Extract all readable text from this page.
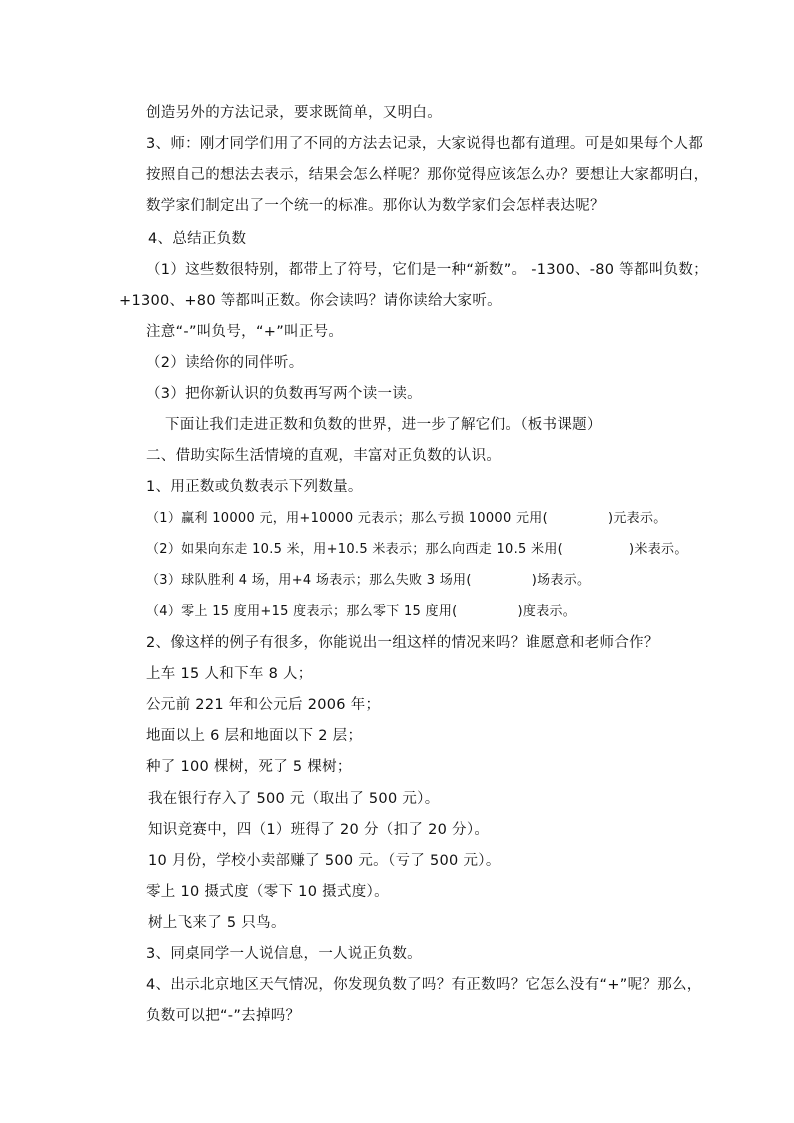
创造另外的方法记录，要求既简单，又明白。
3、师：刚才同学们用了不同的方法去记录，大家说得也都有道理。可是如果每个人都
按照自己的想法去表示，结果会怎么样呢？那你觉得应该怎么办？要想让大家都明白，
数学家们制定出了一个统一的标准。那你认为数学家们会怎样表达呢？
4、总结正负数
（1）这些数很特别，都带上了符号，它们是一种“新数”。 -1300、-80 等都叫负数；
+1300、+80 等都叫正数。你会读吗？请你读给大家听。
注意“-”叫负号，“+”叫正号。
（2）读给你的同伴听。
（3）把你新认识的负数再写两个读一读。
下面让我们走进正数和负数的世界，进一步了解它们。（板书课题）
二、借助实际生活情境的直观，丰富对正负数的认识。
1、用正数或负数表示下列数量。
（1）赢利 10000 元，用+10000 元表示；那么亏损 10000 元用(	)元表示。
（2）如果向东走 10.5 米，用+10.5 米表示；那么向西走 10.5 米用(	)米表示。
（3）球队胜利 4 场，用+4 场表示；那么失败 3 场用(	)场表示。
（4）零上 15 度用+15 度表示；那么零下 15 度用(	)度表示。
2、像这样的例子有很多，你能说出一组这样的情况来吗？谁愿意和老师合作？
上车 15 人和下车 8 人；
公元前 221 年和公元后 2006 年；
地面以上 6 层和地面以下 2 层；
种了 100 棵树，死了 5 棵树；
我在银行存入了 500 元（取出了 500 元）。
知识竞赛中，四（1）班得了 20 分（扣了 20 分）。
10 月份，学校小卖部赚了 500 元。（亏了 500 元）。
零上 10 摄式度（零下 10 摄式度）。
树上飞来了 5 只鸟。
3、同桌同学一人说信息，一人说正负数。
4、出示北京地区天气情况，你发现负数了吗？有正数吗？它怎么没有“+”呢？那么，
负数可以把“-”去掉吗？
